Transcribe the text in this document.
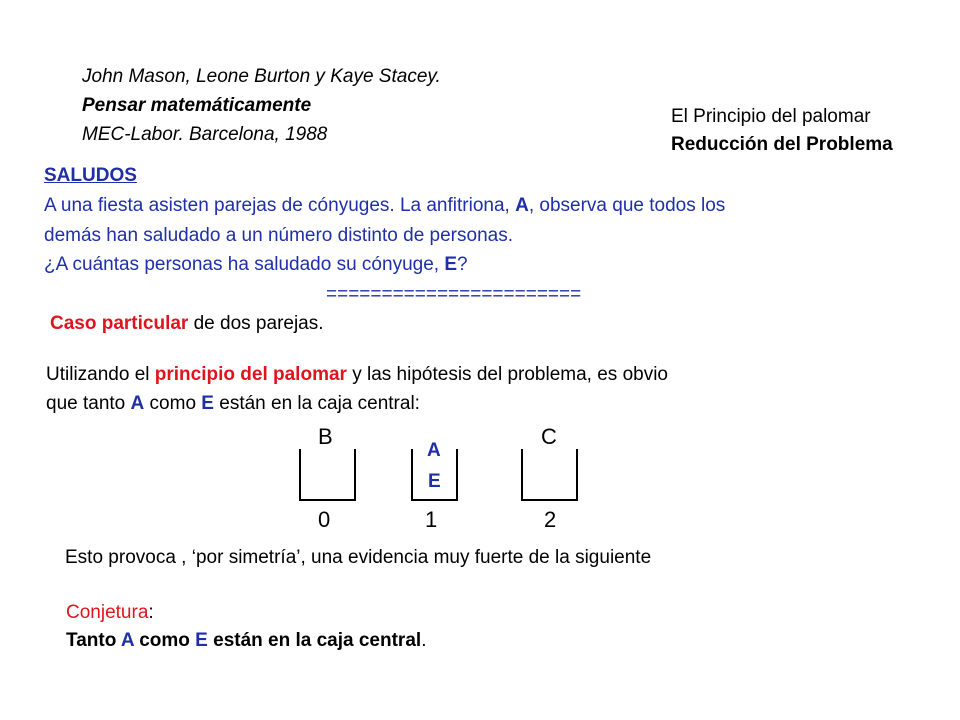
John Mason, Leone Burton y Kaye Stacey.
Pensar matemáticamente
MEC-Labor. Barcelona, 1988
El Principio del palomar
Reducción del Problema
SALUDOS
A una fiesta asisten parejas de cónyuges. La anfitriona, A, observa que todos los
demás han saludado a un número distinto de personas.
¿A cuántas personas ha saludado su cónyuge, E?
=======================
Caso particular de dos parejas.
Utilizando el principio del palomar y las hipótesis del problema, es obvio
que tanto A como E están en la caja central:
B
0
A
E
1
C
2
Esto provoca , ‘por simetría’, una evidencia muy fuerte de la siguiente
Conjetura:
Tanto A como E están en la caja central.
